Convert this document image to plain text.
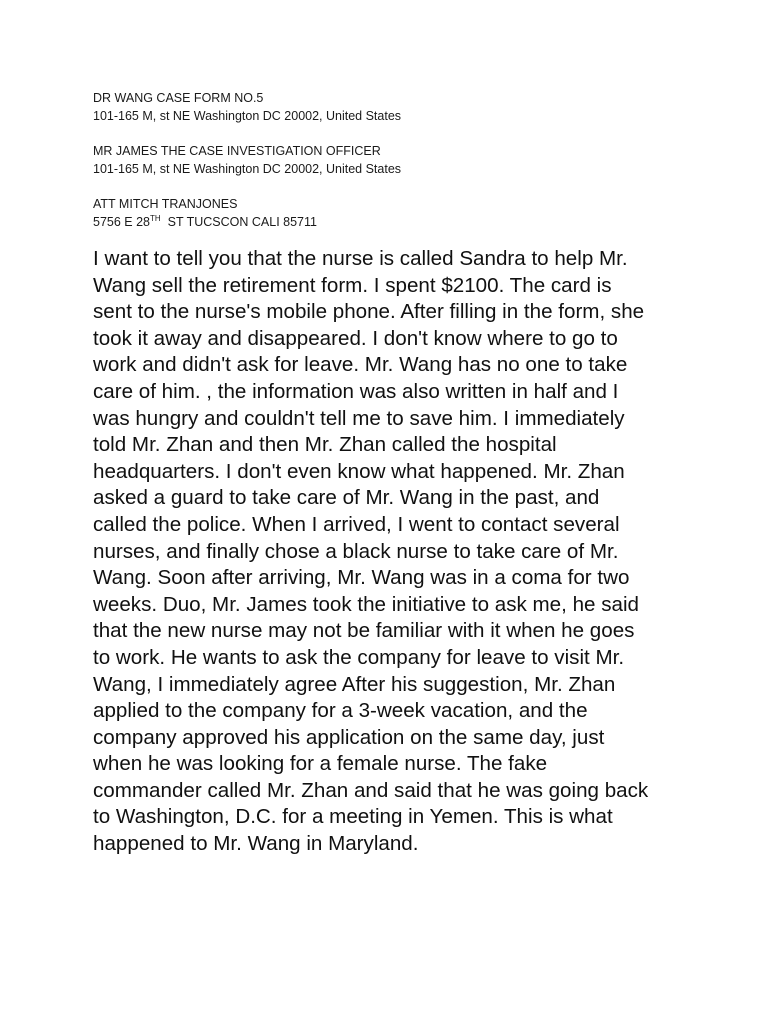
DR WANG CASE FORM NO.5
101-165 M, st NE Washington DC 20002, United States
MR JAMES THE CASE INVESTIGATION OFFICER
101-165 M, st NE Washington DC 20002, United States
ATT MITCH TRANJONES
5756 E 28TH  ST TUCSCON CALI 85711

I want to tell you that the nurse is called Sandra to help Mr.
Wang sell the retirement form. I spent $2100. The card is
sent to the nurse's mobile phone. After filling in the form, she
took it away and disappeared. I don't know where to go to
work and didn't ask for leave. Mr. Wang has no one to take
care of him. , the information was also written in half and I
was hungry and couldn't tell me to save him. I immediately
told Mr. Zhan and then Mr. Zhan called the hospital
headquarters. I don't even know what happened. Mr. Zhan
asked a guard to take care of Mr. Wang in the past, and
called the police. When I arrived, I went to contact several
nurses, and finally chose a black nurse to take care of Mr.
Wang. Soon after arriving, Mr. Wang was in a coma for two
weeks. Duo, Mr. James took the initiative to ask me, he said
that the new nurse may not be familiar with it when he goes
to work. He wants to ask the company for leave to visit Mr.
Wang, I immediately agree After his suggestion, Mr. Zhan
applied to the company for a 3-week vacation, and the
company approved his application on the same day, just
when he was looking for a female nurse. The fake
commander called Mr. Zhan and said that he was going back
to Washington, D.C. for a meeting in Yemen. This is what
happened to Mr. Wang in Maryland.
